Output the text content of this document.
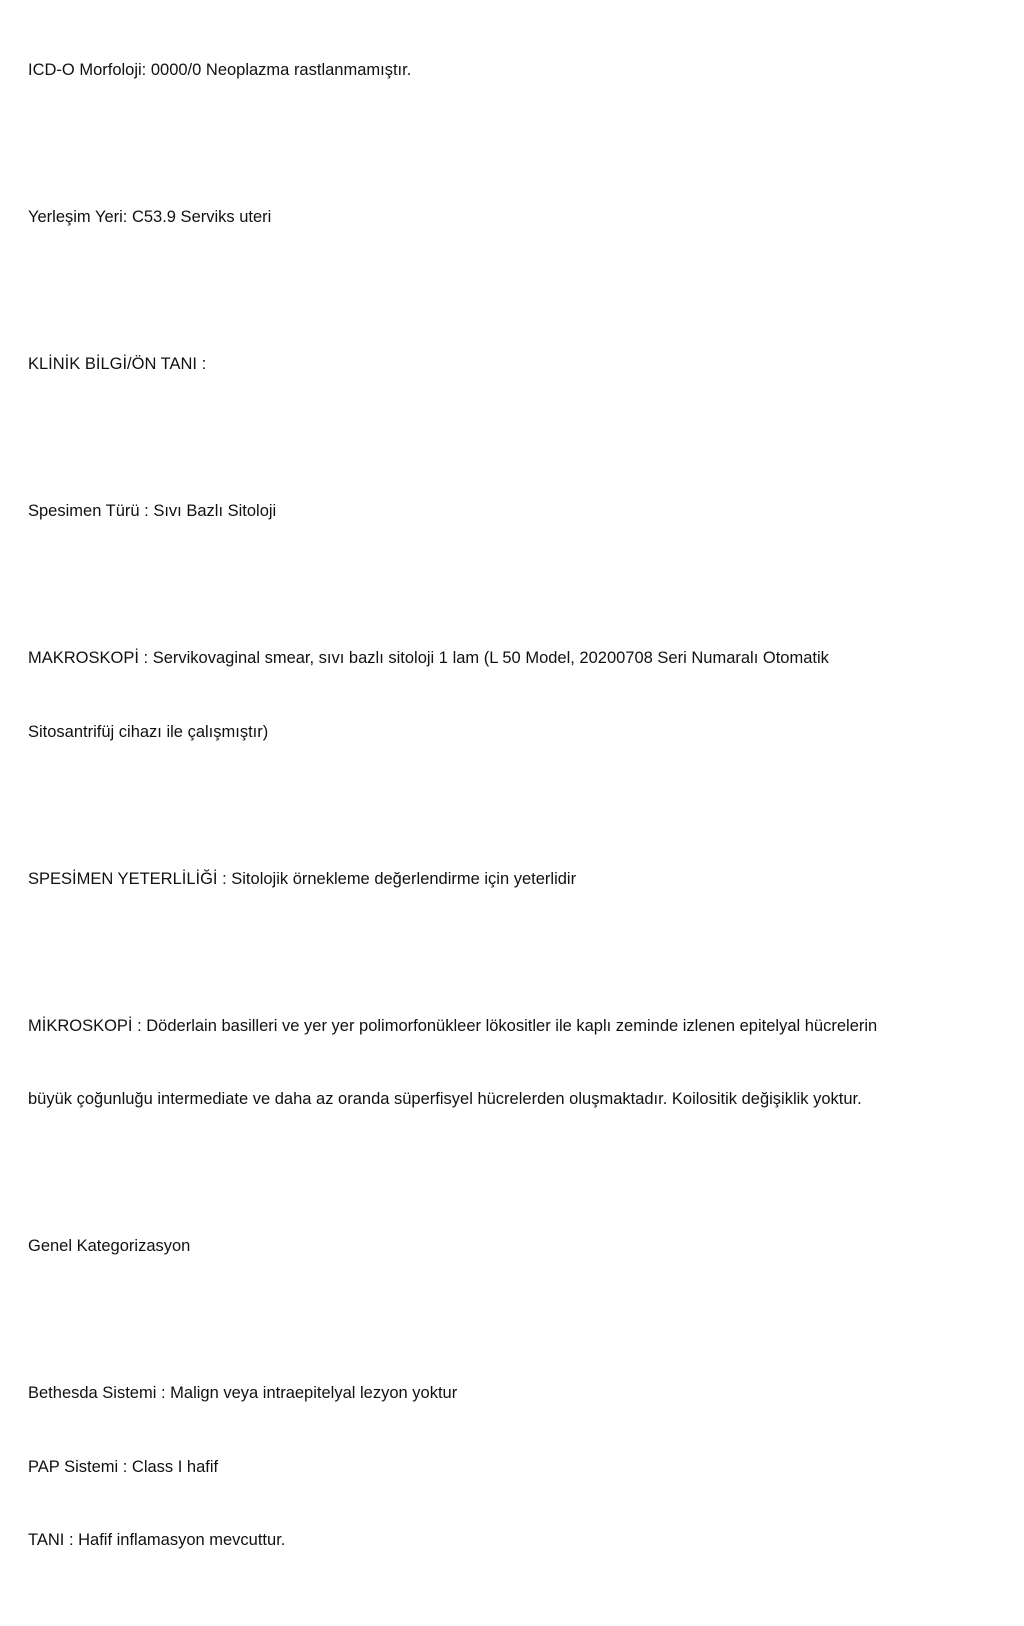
ICD-O Morfoloji: 0000/0 Neoplazma rastlanmamıştır.

Yerleşim Yeri: C53.9 Serviks uteri

KLİNİK BİLGİ/ÖN TANI :

Spesimen Türü : Sıvı Bazlı Sitoloji

MAKROSKOPİ : Servikovaginal smear, sıvı bazlı sitoloji 1 lam (L 50 Model, 20200708 Seri Numaralı Otomatik

Sitosantrifüj cihazı ile çalışmıştır)

SPESİMEN YETERLİLİĞİ : Sitolojik örnekleme değerlendirme için yeterlidir

MİKROSKOPİ : Döderlain basilleri ve yer yer polimorfonükleer lökositler ile kaplı zeminde izlenen epitelyal hücrelerin

büyük çoğunluğu intermediate ve daha az oranda süperfisyel hücrelerden oluşmaktadır. Koilositik değişiklik yoktur.

Genel Kategorizasyon

Bethesda Sistemi : Malign veya intraepitelyal lezyon yoktur

PAP Sistemi : Class I hafif

TANI : Hafif inflamasyon mevcuttur.
